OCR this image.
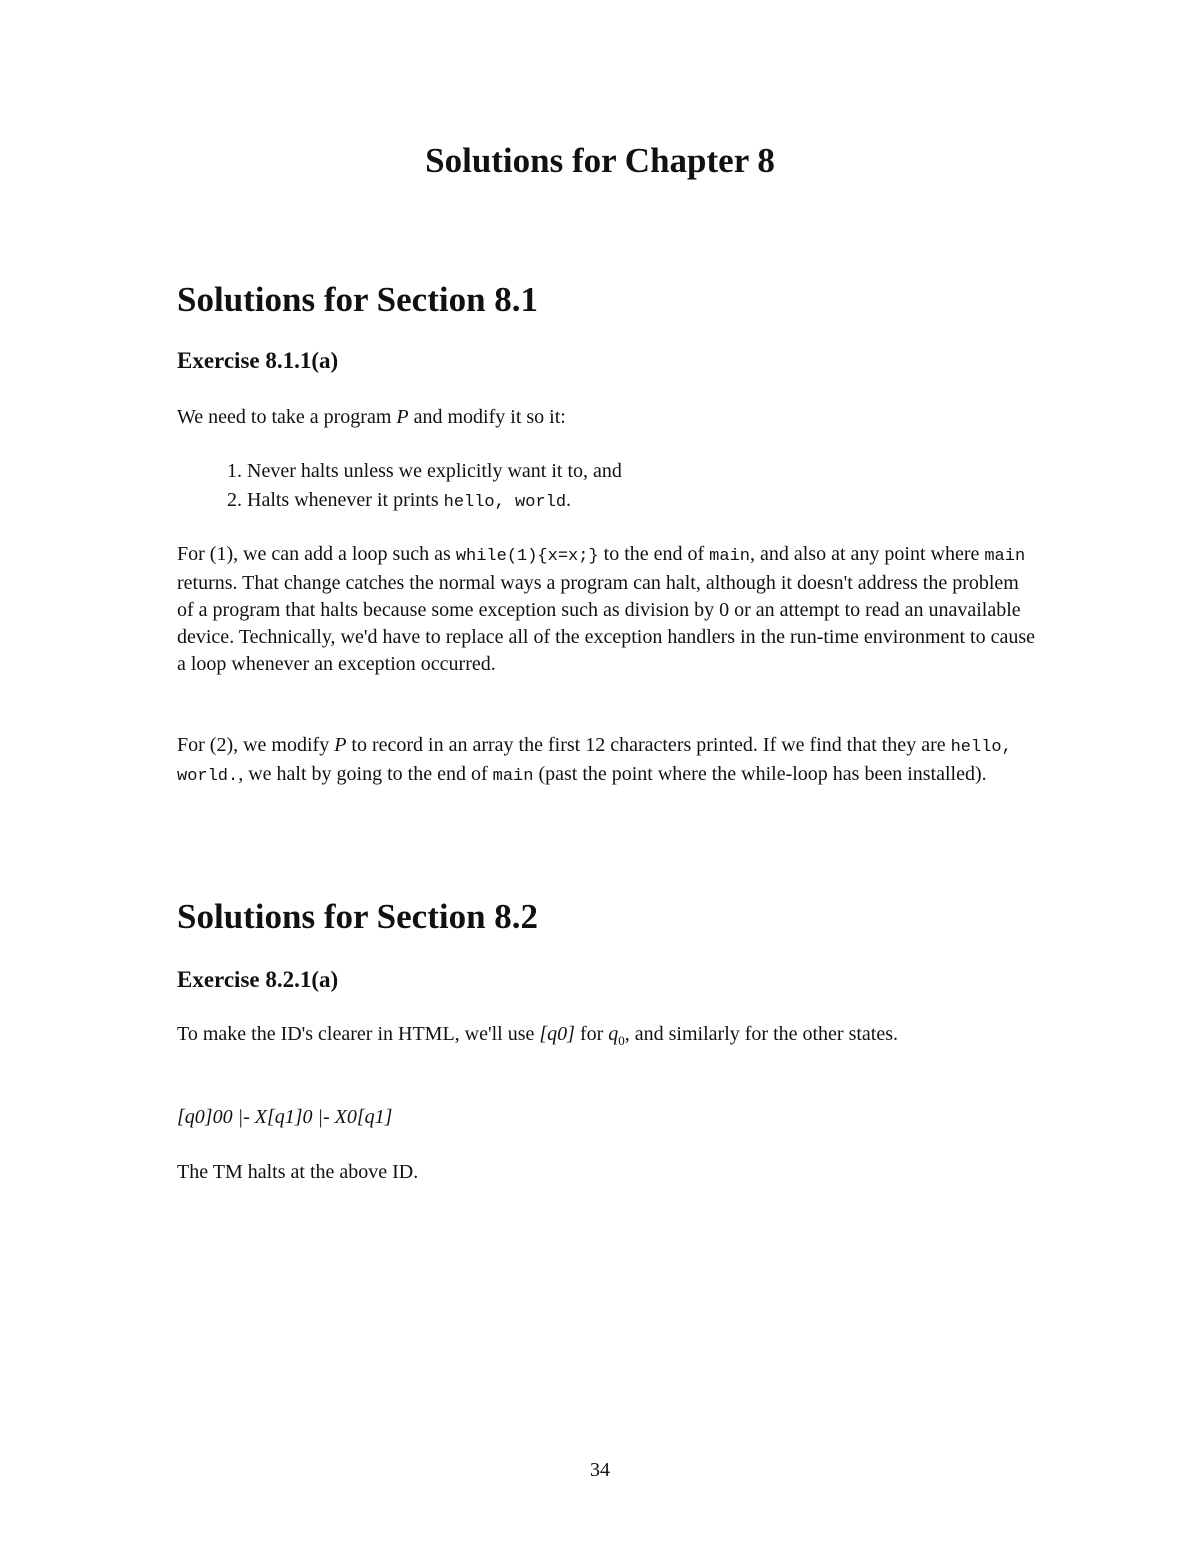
Solutions for Chapter 8
Solutions for Section 8.1
Exercise 8.1.1(a)

We need to take a program P and modify it so it:

1. Never halts unless we explicitly want it to, and
2. Halts whenever it prints hello, world.

For (1), we can add a loop such as while(1){x=x;} to the end of main, and also at any point where main returns. That change catches the normal ways a program can halt, although it doesn't address the problem of a program that halts because some exception such as division by 0 or an attempt to read an unavailable device. Technically, we'd have to replace all of the exception handlers in the run-time environment to cause a loop whenever an exception occurred.

For (2), we modify P to record in an array the first 12 characters printed. If we find that they are hello, world., we halt by going to the end of main (past the point where the while-loop has been installed).

Solutions for Section 8.2
Exercise 8.2.1(a)

To make the ID's clearer in HTML, we'll use [q0] for $q_0$, and similarly for the other states.

[q0]00 |- X[q1]0 |- X0[q1]

The TM halts at the above ID.

34
